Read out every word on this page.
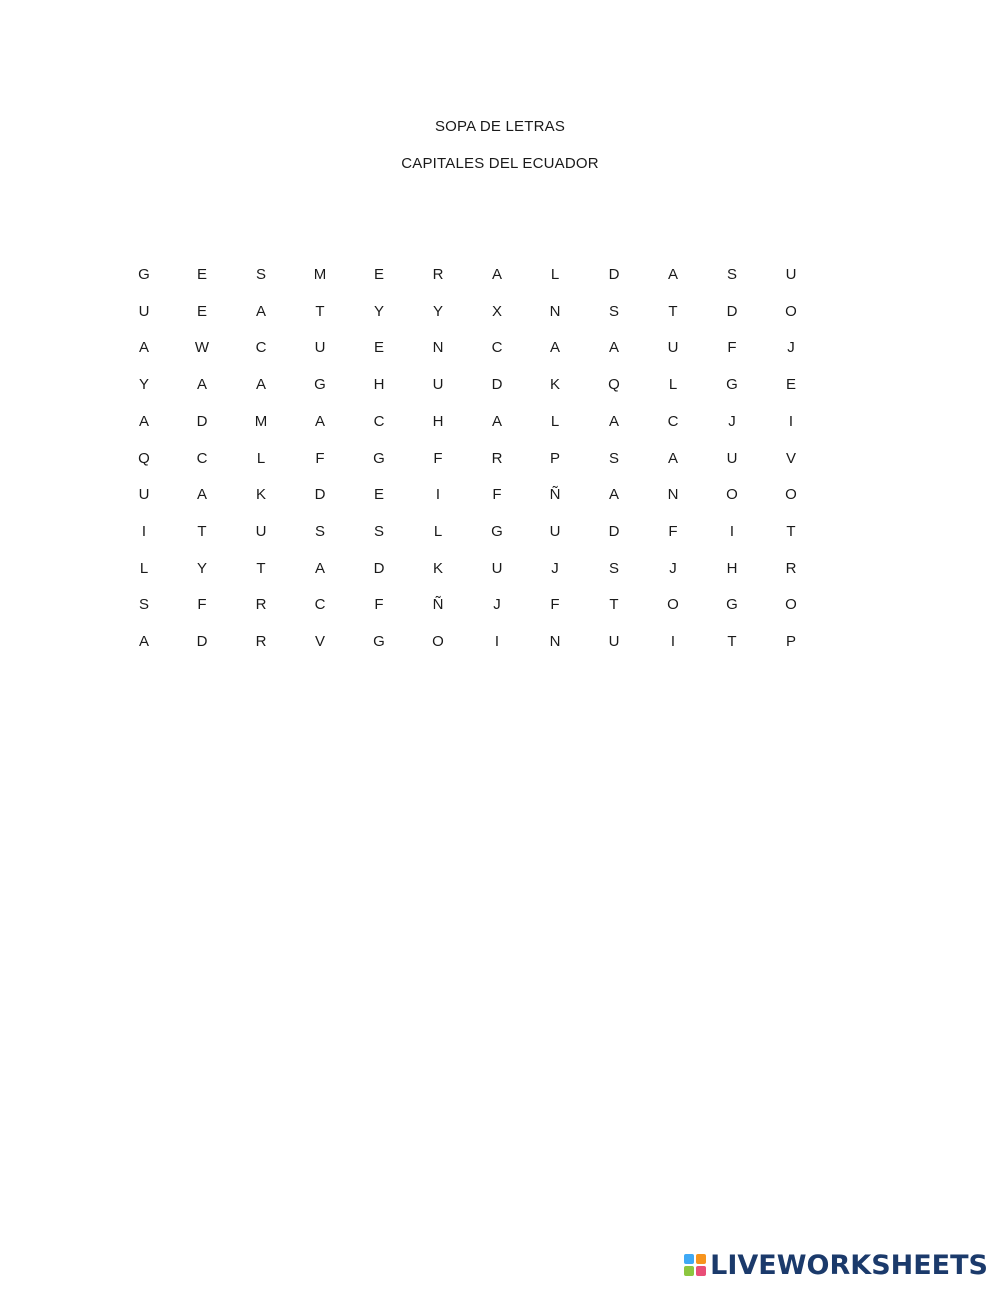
SOPA DE LETRAS
CAPITALES DEL ECUADOR
G	E	S	M	E	R	A	L	D	A	S	U
U	E	A	T	Y	Y	X	N	S	T	D	O
A	W	C	U	E	N	C	A	A	U	F	J
Y	A	A	G	H	U	D	K	Q	L	G	E
A	D	M	A	C	H	A	L	A	C	J	I
Q	C	L	F	G	F	R	P	S	A	U	V
U	A	K	D	E	I	F	Ñ	A	N	O	O
I	T	U	S	S	L	G	U	D	F	I	T
L	Y	T	A	D	K	U	J	S	J	H	R
S	F	R	C	F	Ñ	J	F	T	O	G	O
A	D	R	V	G	O	I	N	U	I	T	P
LIVEWORKSHEETS
